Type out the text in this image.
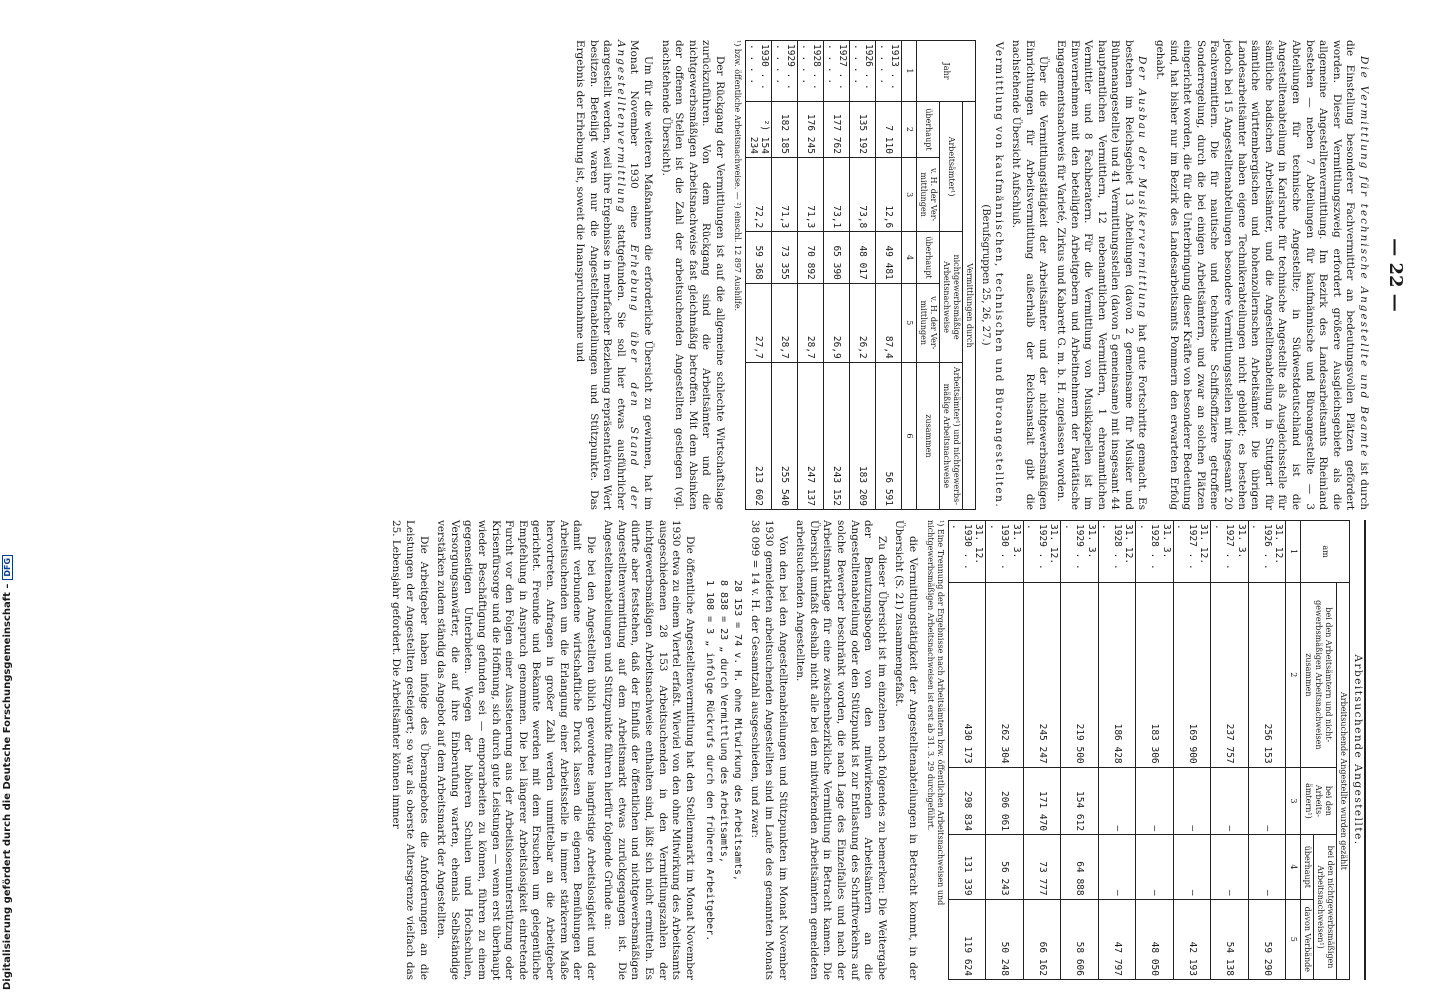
— 22 —
Die Vermittlung für technische Angestellte und Beamte ist durch die Einstellung besonderer Fachvermittler an bedeutungsvollen Plätzen gefördert worden. Dieser Vermittlungszweig erfordert größere Ausgleichsgebiete als die allgemeine Angestelltenvermittlung. Im Bezirk des Landesarbeitsamts Rheinland bestehen — neben 7 Abteilungen für kaufmännische und Büroangestellte — 3 Abteilungen für technische Angestellte; in Südwestdeutschland ist die Angestelltenabteilung in Karlsruhe für technische Angestellte als Ausgleichsstelle für sämtliche badischen Arbeitsämter, und die Angestelltenabteilung in Stuttgart für sämtliche württembergischen und hohenzollernschen Arbeitsämter. Die übrigen Landesarbeitsämter haben eigene Technikerabteilungen nicht gebildet; es bestehen jedoch bei 15 Angestelltenabteilungen besondere Vermittlungsstellen mit insgesamt 20 Fachvermittlern. Die für nautische und technische Schiffsoffiziere getroffene Sonderregelung, durch die bei einigen Arbeitsämtern, und zwar an solchen Plätzen eingerichtet worden, die für die Unterbringung dieser Kräfte von besonderer Bedeutung sind, hat bisher nur im Bezirk des Landesarbeitsamts Pommern den erwarteten Erfolg gehabt.
Der Ausbau der Musikervermittlung hat gute Fortschritte gemacht. Es bestehen im Reichsgebiet 13 Abteilungen (davon 2 gemeinsame für Musiker und Bühnenangestellte) und 41 Vermittlungsstellen (davon 5 gemeinsame) mit insgesamt 44 hauptamtlichen Vermittlern, 12 nebenamtlichen Vermittlern, 1 ehrenamtlichen Vermittler und 8 Fachberatern. Für die Vermittlung von Musikkapellen ist im Einvernehmen mit den beteiligten Arbeitgebern und Arbeitnehmern der Paritätische Engagementsnachweis für Varieté, Zirkus und Kabarett G. m. b. H. zugelassen worden.

Über die Vermittlungstätigkeit der Arbeitsämter und der nichtgewerbsmäßigen Einrichtungen für Arbeitsvermittlung außerhalb der Reichsanstalt gibt die nachstehende Übersicht Aufschluß.

Vermittlung von kaufmännischen, technischen und Büroangestellten.
(Berufsgruppen 25, 26, 27.)
Jahr	Vermittlungen durch				
	Arbeitsämter¹)		nichtgewerbsmäßige Arbeitsnachweise		Arbeitsämter¹) und nichtgewerbsmäßige Arbeitsnachweise
	überhaupt	v. H. der Vermittlungen	überhaupt	v. H. der Vermittlungen	zusammen
1	2	3	4	5	6
1913 . . . . . .	7 110	12,6	49 481	87,4	56 591
1926 . . . . . .	135 192	73,8	48 017	26,2	183 209
1927 . . . . . .	177 762	73,1	65 390	26,9	243 152
1928 . . . . . .	176 245	71,3	70 892	28,7	247 137
1929 . . . . . .	182 185	71,3	73 355	28,7	255 540
1930 . . . . . .	²) 154 234	72,2	59 368	27,7	213 602
¹) bzw. öffentliche Arbeitsnachweise. — ²) einschl. 12 897 Aushilfe.

Der Rückgang der Vermittlungen ist auf die allgemeine schlechte Wirtschaftslage zurückzuführen. Von dem Rückgang sind die Arbeitsämter und die nichtgewerbsmäßigen Arbeitsnachweise fast gleichmäßig betroffen. Mit dem Absinken der offenen Stellen ist die Zahl der arbeitsuchenden Angestellten gestiegen (vgl. nachstehende Übersicht).

Um für die weiteren Maßnahmen die erforderliche Übersicht zu gewinnen, hat im Monat November 1930 eine Erhebung über den Stand der Angestelltenvermittlung stattgefunden. Sie soll hier etwas ausführlicher dargestellt werden, weil ihre Ergebnisse in mehrfacher Beziehung repräsentativen Wert besitzen. Beteiligt waren nur die Angestelltenabteilungen und Stützpunkte. Das Ergebnis der Erhebung ist, soweit die Inanspruchnahme und
Arbeitsuchende Angestellte.
am	Arbeitsuchende Angestellte wurden gezählt			
	bei den Arbeitsämtern und nichtgewerbsmäßigen Arbeitsnachweisen zusammen	bei den Arbeitsämtern¹)	bei den nichtgewerbsmäßigen Arbeitsnachweisen¹)	
			überhaupt	davon Verbände
1	2	3	4	5
31. 12. 1926 . . .	256 153	—	—	59 290
31. 3. 1927 . . .	237 757	—	—	54 138
31. 12. 1927 . . .	169 900	—	—	42 193
31. 3. 1928 . . .	183 306	—	—	48 050
31. 12. 1928 . . .	186 428	—	—	47 797
31. 3. 1929 . . .	219 500	154 612	64 888	58 606
31. 12. 1929 . . .	245 247	171 470	73 777	66 162
31. 3. 1930 . . .	262 304	206 061	56 243	50 248
31. 12. 1930 . . .	430 173	298 834	131 339	119 624
¹) Eine Trennung der Ergebnisse nach Arbeitsämtern bzw. öffentlichen Arbeitsnachweisen und nichtgewerbsmäßigen Arbeitsnachweisen ist erst ab 31. 3. 29 durchgeführt.

die Vermittlungstätigkeit der Angestelltenabteilungen in Betracht kommt, in der Übersicht (S. 21) zusammengefaßt.

Zu dieser Übersicht ist im einzelnen noch folgendes zu bemerken: Die Weitergabe der Benutzungsbogen von den mitwirkenden Arbeitsämtern an die Angestelltenabteilung oder den Stützpunkt ist zur Entlastung des Schriftverkehrs auf solche Bewerber beschränkt worden, die nach Lage des Einzelfalles und nach der Arbeitsmarktlage für eine zwischenbezirkliche Vermittlung in Betracht kamen. Die Übersicht umfaßt deshalb nicht alle bei den mitwirkenden Arbeitsämtern gemeldeten arbeitsuchenden Angestellten.

Von den bei den Angestelltenabteilungen und Stützpunkten im Monat November 1930 gemeldeten arbeitsuchenden Angestellten sind im Laufe des genannten Monats 38 099 = 14 v. H. der Gesamtzahl ausgeschieden, und zwar:

28 153 = 74 v. H. ohne Mitwirkung des Arbeitsamts,
8 838 = 23 „ durch Vermittlung des Arbeitsamts,
1 108 = 3 „ infolge Rückrufs durch den früheren Arbeitgeber.

Die öffentliche Angestelltenvermittlung hat den Stellenmarkt im Monat November 1930 etwa zu einem Viertel erfaßt. Wieviel von den ohne Mitwirkung des Arbeitsamts ausgeschiedenen 28 153 Arbeitsuchenden in den Vermittlungszahlen der nichtgewerbsmäßigen Arbeitsnachweise enthalten sind, läßt sich nicht ermitteln. Es dürfte aber feststehen, daß der Einfluß der öffentlichen und nichtgewerbsmäßigen Angestelltenvermittlung auf dem Arbeitsmarkt etwas zurückgegangen ist. Die Angestelltenabteilungen und Stützpunkte führen hierfür folgende Gründe an:

Die bei den Angestellten üblich gewordene langfristige Arbeitslosigkeit und der damit verbundene wirtschaftliche Druck lassen die eigenen Bemühungen der Arbeitsuchenden um die Erlangung einer Arbeitsstelle in immer stärkerem Maße hervortreten. Anfragen in großer Zahl werden unmittelbar an die Arbeitgeber gerichtet. Freunde und Bekannte werden mit dem Ersuchen um gelegentliche Empfehlung in Anspruch genommen. Die bei längerer Arbeitslosigkeit eintretende Furcht vor den Folgen einer Aussteuerung aus der Arbeitslosenunterstützung oder Krisenfürsorge und die Hoffnung, sich durch gute Leistungen — wenn erst überhaupt wieder Beschäftigung gefunden sei — emporarbeiten zu können, führen zu einem gegenseitigen Unterbieten. Wegen der höheren Schulen und Hochschulen, Versorgungsanwärter, die auf ihre Einberufung warten, ehemals Selbständige verstärken zudem ständig das Angebot auf dem Arbeitsmarkt der Angestellten.

Die Arbeitgeber haben infolge des Überangebotes die Anforderungen an die Leistungen der Angestellten gesteigert; so war als oberste Altersgrenze vielfach das 25. Lebensjahr gefordert. Die Arbeitsämter können immer

Digitalisierung gefördert durch die Deutsche Forschungsgemeinschaft –
DFG
